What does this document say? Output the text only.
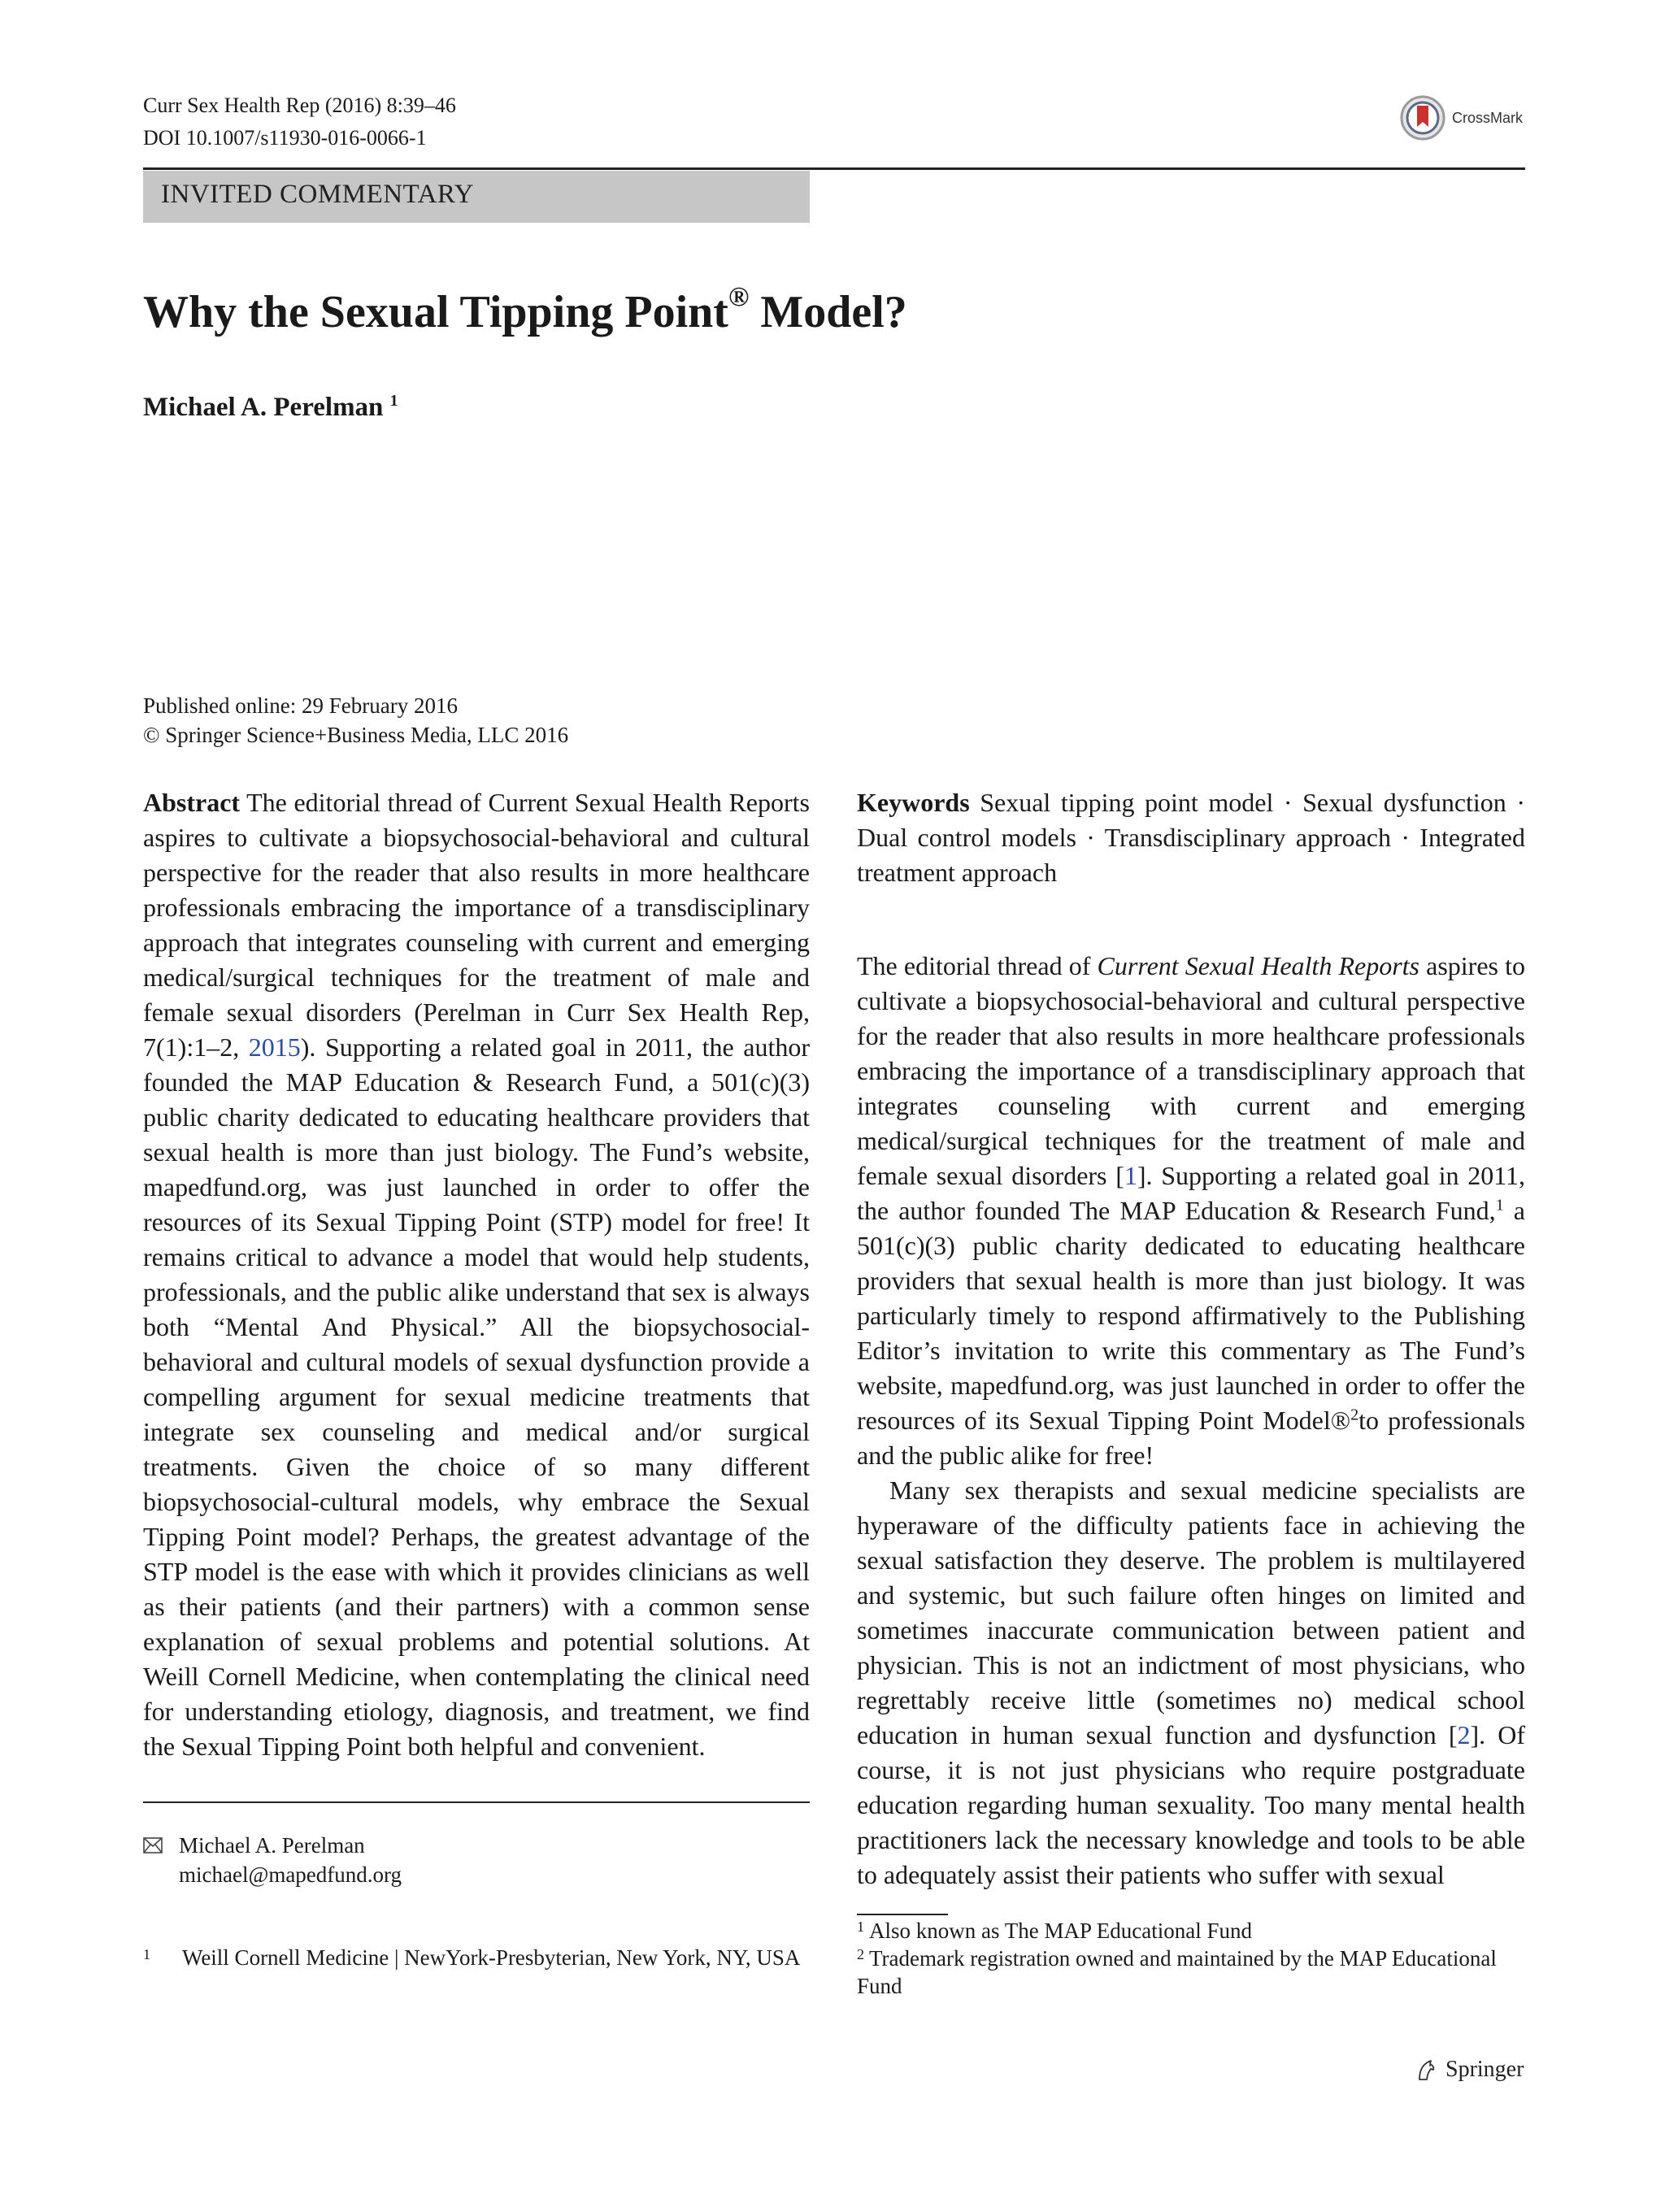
Curr Sex Health Rep (2016) 8:39–46
DOI 10.1007/s11930-016-0066-1
CrossMark
INVITED COMMENTARY
Why the Sexual Tipping Point® Model?
Michael A. Perelman $^1$
Published online: 29 February 2016
© Springer Science+Business Media, LLC 2016

Abstract The editorial thread of Current Sexual Health Reports aspires to cultivate a biopsychosocial-behavioral and cultural perspective for the reader that also results in more healthcare professionals embracing the importance of a transdisciplinary approach that integrates counseling with current and emerging medical/surgical techniques for the treatment of male and female sexual disorders (Perelman in Curr Sex Health Rep, 7(1):1–2, 2015). Supporting a related goal in 2011, the author founded the MAP Education & Research Fund, a 501(c)(3) public charity dedicated to educating healthcare providers that sexual health is more than just biology. The Fund’s website, mapedfund.org, was just launched in order to offer the resources of its Sexual Tipping Point (STP) model for free! It remains critical to advance a model that would help students, professionals, and the public alike understand that sex is always both “Mental And Physical.” All the biopsychosocial-behavioral and cultural models of sexual dysfunction provide a compelling argument for sexual medicine treatments that integrate sex counseling and medical and/or surgical treatments. Given the choice of so many different biopsychosocial-cultural models, why embrace the Sexual Tipping Point model? Perhaps, the greatest advantage of the STP model is the ease with which it provides clinicians as well as their patients (and their partners) with a common sense explanation of sexual problems and potential solutions. At Weill Cornell Medicine, when contemplating the clinical need for understanding etiology, diagnosis, and treatment, we find the Sexual Tipping Point both helpful and convenient.

Keywords Sexual tipping point model · Sexual dysfunction · Dual control models · Transdisciplinary approach · Integrated treatment approach

The editorial thread of Current Sexual Health Reports aspires to cultivate a biopsychosocial-behavioral and cultural perspective for the reader that also results in more healthcare professionals embracing the importance of a transdisciplinary approach that integrates counseling with current and emerging medical/surgical techniques for the treatment of male and female sexual disorders [1]. Supporting a related goal in 2011, the author founded The MAP Education & Research Fund,$^1$ a 501(c)(3) public charity dedicated to educating healthcare providers that sexual health is more than just biology. It was particularly timely to respond affirmatively to the Publishing Editor’s invitation to write this commentary as The Fund’s website, mapedfund.org, was just launched in order to offer the resources of its Sexual Tipping Point Model®$^2$to professionals and the public alike for free!

Many sex therapists and sexual medicine specialists are hyperaware of the difficulty patients face in achieving the sexual satisfaction they deserve. The problem is multilayered and systemic, but such failure often hinges on limited and sometimes inaccurate communication between patient and physician. This is not an indictment of most physicians, who regrettably receive little (sometimes no) medical school education in human sexual function and dysfunction [2]. Of course, it is not just physicians who require postgraduate education regarding human sexuality. Too many mental health practitioners lack the necessary knowledge and tools to be able to adequately assist their patients who suffer with sexual

Michael A. Perelman
michael@mapedfund.org
1	Weill Cornell Medicine | NewYork-Presbyterian, New York, NY, USA
$^1$ Also known as The MAP Educational Fund
$^2$ Trademark registration owned and maintained by the MAP Educational Fund
Springer
